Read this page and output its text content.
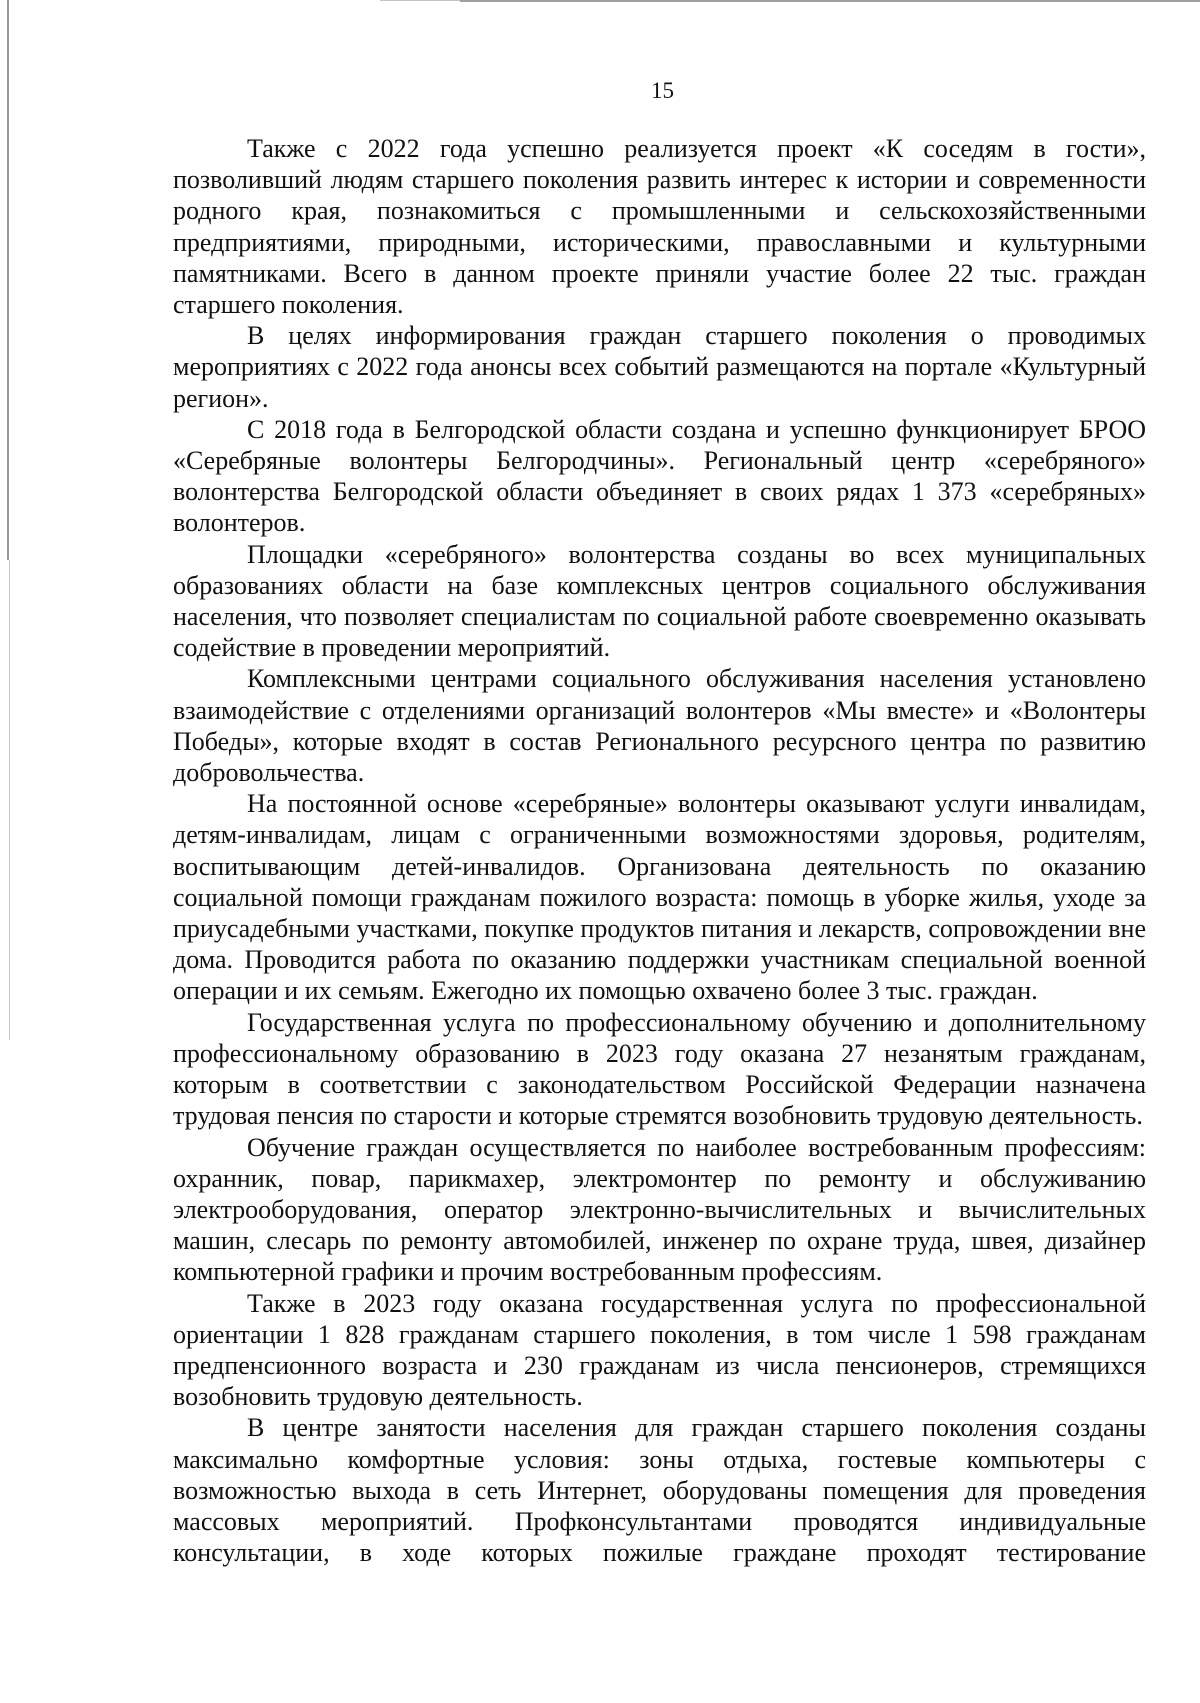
15

Также с 2022 года успешно реализуется проект «К соседям в гости», позволивший людям старшего поколения развить интерес к истории и современности родного края, познакомиться с промышленными и сельскохозяйственными предприятиями, природными, историческими, православными и культурными памятниками. Всего в данном проекте приняли участие более 22 тыс. граждан старшего поколения.

В целях информирования граждан старшего поколения о проводимых мероприятиях с 2022 года анонсы всех событий размещаются на портале «Культурный регион».

С 2018 года в Белгородской области создана и успешно функционирует БРОО «Серебряные волонтеры Белгородчины». Региональный центр «серебряного» волонтерства Белгородской области объединяет в своих рядах 1 373 «серебряных» волонтеров.

Площадки «серебряного» волонтерства созданы во всех муниципальных образованиях области на базе комплексных центров социального обслуживания населения, что позволяет специалистам по социальной работе своевременно оказывать содействие в проведении мероприятий.

Комплексными центрами социального обслуживания населения установлено взаимодействие с отделениями организаций волонтеров «Мы вместе» и «Волонтеры Победы», которые входят в состав Регионального ресурсного центра по развитию добровольчества.

На постоянной основе «серебряные» волонтеры оказывают услуги инвалидам, детям-инвалидам, лицам с ограниченными возможностями здоровья, родителям, воспитывающим детей-инвалидов. Организована деятельность по оказанию социальной помощи гражданам пожилого возраста: помощь в уборке жилья, уходе за приусадебными участками, покупке продуктов питания и лекарств, сопровождении вне дома. Проводится работа по оказанию поддержки участникам специальной военной операции и их семьям. Ежегодно их помощью охвачено более 3 тыс. граждан.

Государственная услуга по профессиональному обучению и дополнительному профессиональному образованию в 2023 году оказана 27 незанятым гражданам, которым в соответствии с законодательством Российской Федерации назначена трудовая пенсия по старости и которые стремятся возобновить трудовую деятельность.

Обучение граждан осуществляется по наиболее востребованным профессиям: охранник, повар, парикмахер, электромонтер по ремонту и обслуживанию электрооборудования, оператор электронно-вычислительных и вычислительных машин, слесарь по ремонту автомобилей, инженер по охране труда, швея, дизайнер компьютерной графики и прочим востребованным профессиям.

Также в 2023 году оказана государственная услуга по профессиональной ориентации 1 828 гражданам старшего поколения, в том числе 1 598 гражданам предпенсионного возраста и 230 гражданам из числа пенсионеров, стремящихся возобновить трудовую деятельность.

В центре занятости населения для граждан старшего поколения созданы максимально комфортные условия: зоны отдыха, гостевые компьютеры с возможностью выхода в сеть Интернет, оборудованы помещения для проведения массовых мероприятий. Профконсультантами проводятся индивидуальные консультации, в ходе которых пожилые граждане проходят тестирование
